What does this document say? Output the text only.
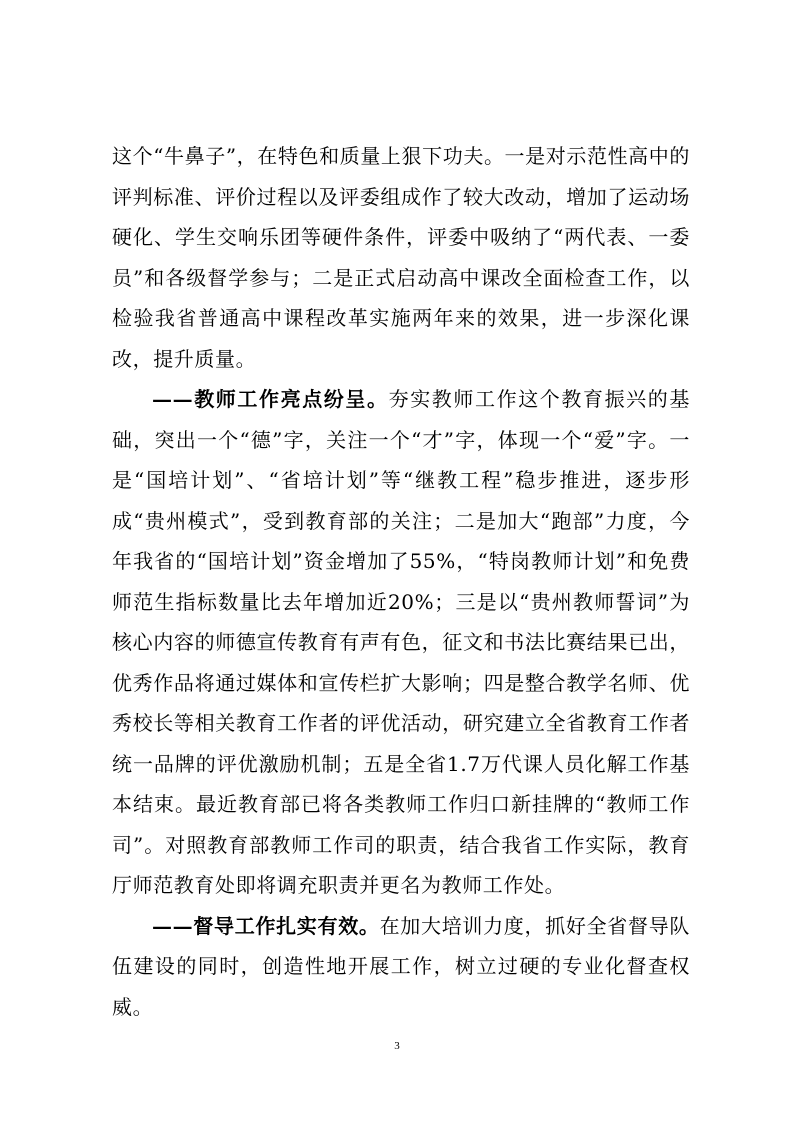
这个“牛鼻子”，在特色和质量上狠下功夫。一是对示范性高中的评判标准、评价过程以及评委组成作了较大改动，增加了运动场硬化、学生交响乐团等硬件条件，评委中吸纳了“两代表、一委员”和各级督学参与；二是正式启动高中课改全面检查工作，以检验我省普通高中课程改革实施两年来的效果，进一步深化课改，提升质量。

——教师工作亮点纷呈。夯实教师工作这个教育振兴的基础，突出一个“德”字，关注一个“才”字，体现一个“爱”字。一是“国培计划”、“省培计划”等“继教工程”稳步推进，逐步形成“贵州模式”，受到教育部的关注；二是加大“跑部”力度，今年我省的“国培计划”资金增加了55%，“特岗教师计划”和免费师范生指标数量比去年增加近20%；三是以“贵州教师誓词”为核心内容的师德宣传教育有声有色，征文和书法比赛结果已出，优秀作品将通过媒体和宣传栏扩大影响；四是整合教学名师、优秀校长等相关教育工作者的评优活动，研究建立全省教育工作者统一品牌的评优激励机制；五是全省1.7万代课人员化解工作基本结束。最近教育部已将各类教师工作归口新挂牌的“教师工作司”。对照教育部教师工作司的职责，结合我省工作实际，教育厅师范教育处即将调充职责并更名为教师工作处。

——督导工作扎实有效。在加大培训力度，抓好全省督导队伍建设的同时，创造性地开展工作，树立过硬的专业化督查权威。

3
